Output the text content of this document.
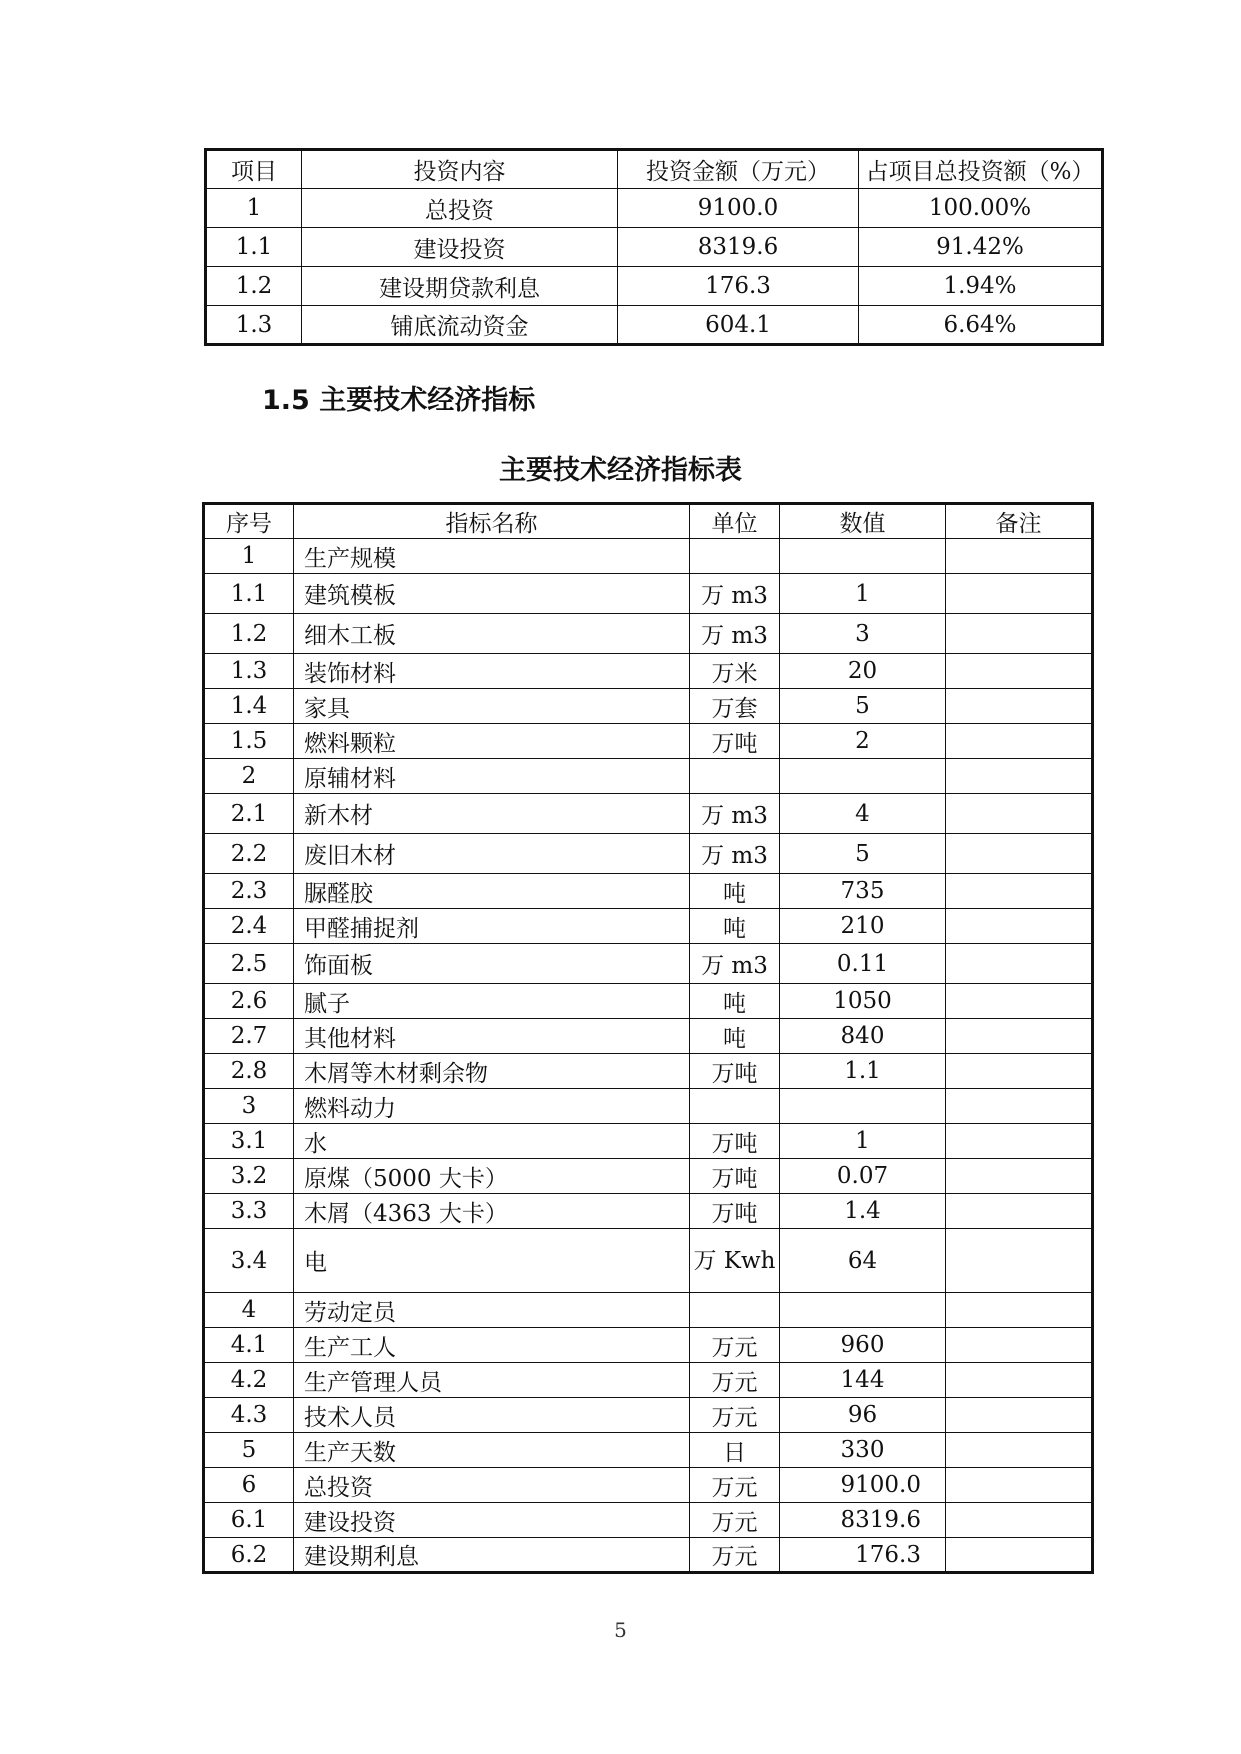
项目	投资内容	投资金额（万元）	占项目总投资额（%）
1	总投资	9100.0	100.00%
1.1	建设投资	8319.6	91.42%
1.2	建设期贷款利息	176.3	1.94%
1.3	铺底流动资金	604.1	6.64%
1.5 主要技术经济指标
主要技术经济指标表
序号	指标名称	单位	数值	备注
1	生产规模			
1.1	建筑模板	万 m3	1	
1.2	细木工板	万 m3	3	
1.3	装饰材料	万米	20	
1.4	家具	万套	5	
1.5	燃料颗粒	万吨	2	
2	原辅材料			
2.1	新木材	万 m3	4	
2.2	废旧木材	万 m3	5	
2.3	脲醛胶	吨	735	
2.4	甲醛捕捉剂	吨	210	
2.5	饰面板	万 m3	0.11	
2.6	腻子	吨	1050	
2.7	其他材料	吨	840	
2.8	木屑等木材剩余物	万吨	1.1	
3	燃料动力			
3.1	水	万吨	1	
3.2	原煤（5000 大卡）	万吨	0.07	
3.3	木屑（4363 大卡）	万吨	1.4	
3.4	电	万 Kwh	64	
4	劳动定员			
4.1	生产工人	万元	960	
4.2	生产管理人员	万元	144	
4.3	技术人员	万元	96	
5	生产天数	日	330	
6	总投资	万元	9100.0	
6.1	建设投资	万元	8319.6	
6.2	建设期利息	万元	176.3	
5
